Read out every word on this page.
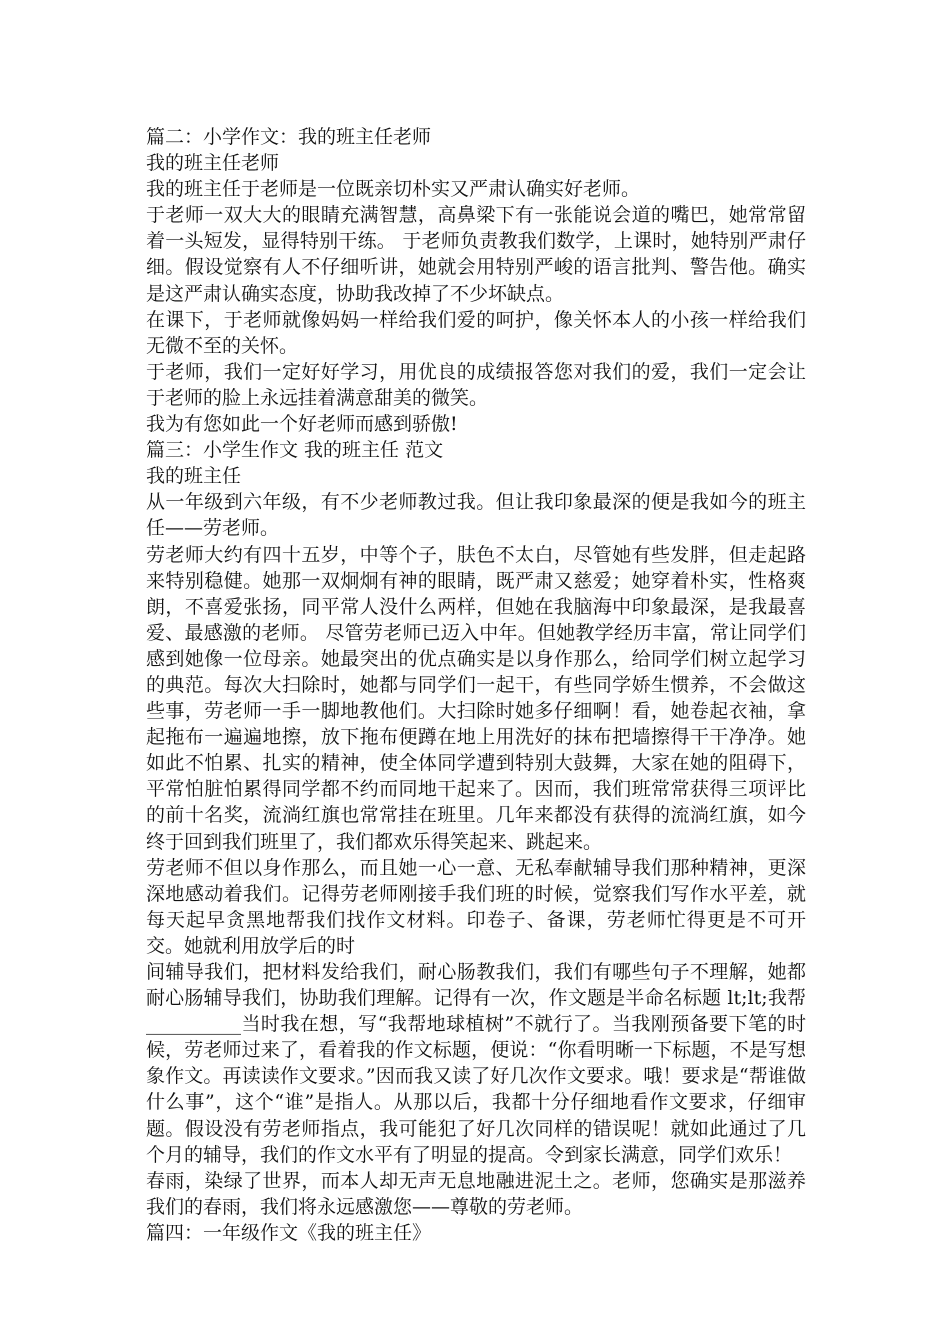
篇二：小学作文：我的班主任老师

我的班主任老师

我的班主任于老师是一位既亲切朴实又严肃认确实好老师。

于老师一双大大的眼睛充满智慧，高鼻梁下有一张能说会道的嘴巴，她常常留着一头短发，显得特别干练。 于老师负责教我们数学，上课时，她特别严肃仔细。假设觉察有人不仔细听讲，她就会用特别严峻的语言批判、警告他。确实是这严肃认确实态度，协助我改掉了不少坏缺点。

在课下，于老师就像妈妈一样给我们爱的呵护，像关怀本人的小孩一样给我们无微不至的关怀。

于老师，我们一定好好学习，用优良的成绩报答您对我们的爱，我们一定会让于老师的脸上永远挂着满意甜美的微笑。

我为有您如此一个好老师而感到骄傲!

篇三：小学生作文 我的班主任 范文

我的班主任

从一年级到六年级，有不少老师教过我。但让我印象最深的便是我如今的班主任——劳老师。

劳老师大约有四十五岁，中等个子，肤色不太白，尽管她有些发胖，但走起路来特别稳健。她那一双炯炯有神的眼睛，既严肃又慈爱；她穿着朴实，性格爽朗，不喜爱张扬，同平常人没什么两样，但她在我脑海中印象最深，是我最喜爱、最感激的老师。 尽管劳老师已迈入中年。但她教学经历丰富，常让同学们感到她像一位母亲。她最突出的优点确实是以身作那么，给同学们树立起学习的典范。每次大扫除时，她都与同学们一起干，有些同学娇生惯养，不会做这些事，劳老师一手一脚地教他们。大扫除时她多仔细啊！看，她卷起衣袖，拿起拖布一遍遍地擦，放下拖布便蹲在地上用洗好的抹布把墙擦得干干净净。她如此不怕累、扎实的精神，使全体同学遭到特别大鼓舞，大家在她的阻碍下，平常怕脏怕累得同学都不约而同地干起来了。因而，我们班常常获得三项评比的前十名奖，流淌红旗也常常挂在班里。几年来都没有获得的流淌红旗，如今终于回到我们班里了，我们都欢乐得笑起来、跳起来。

劳老师不但以身作那么，而且她一心一意、无私奉献辅导我们那种精神，更深深地感动着我们。记得劳老师刚接手我们班的时候，觉察我们写作水平差，就每天起早贪黑地帮我们找作文材料。印卷子、备课，劳老师忙得更是不可开交。她就利用放学后的时

间辅导我们，把材料发给我们，耐心肠教我们，我们有哪些句子不理解，她都耐心肠辅导我们，协助我们理解。记得有一次，作文题是半命名标题 lt;lt;我帮__________当时我在想，写“我帮地球植树”不就行了。当我刚预备要下笔的时候，劳老师过来了，看着我的作文标题，便说：“你看明晰一下标题，不是写想象作文。再读读作文要求。”因而我又读了好几次作文要求。哦！要求是“帮谁做什么事”，这个“谁”是指人。从那以后，我都十分仔细地看作文要求，仔细审题。假设没有劳老师指点，我可能犯了好几次同样的错误呢！就如此通过了几个月的辅导，我们的作文水平有了明显的提高。令到家长满意，同学们欢乐！

春雨，染绿了世界，而本人却无声无息地融进泥土之。老师，您确实是那滋养我们的春雨，我们将永远感激您——尊敬的劳老师。

篇四：一年级作文《我的班主任》
